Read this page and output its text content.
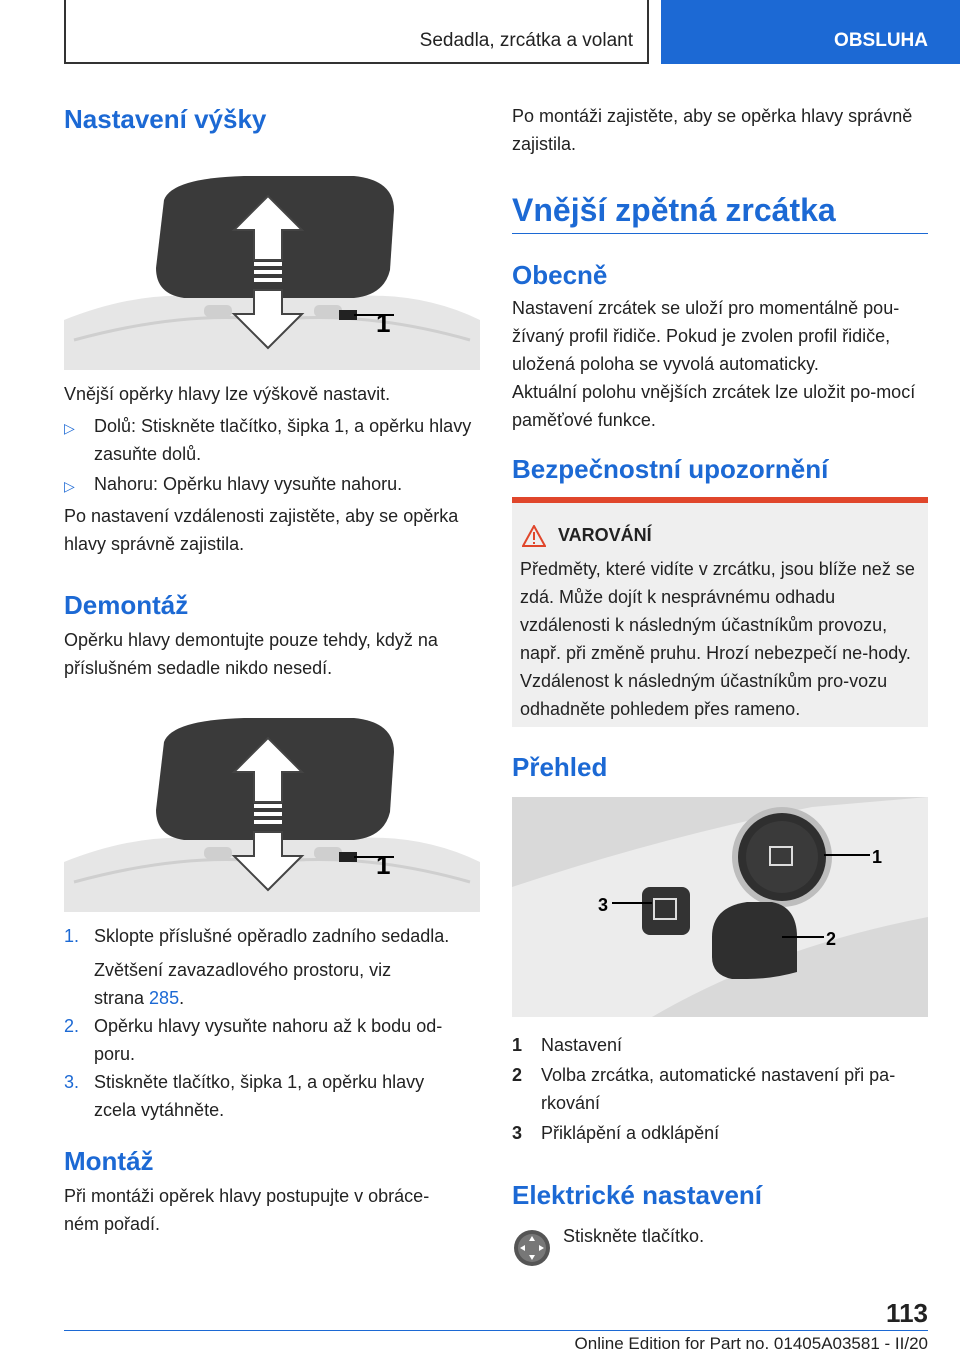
Sedadla, zrcátka a volant	OBSLUHA
Nastavení výšky
1

Vnější opěrky hlavy lze výškově nastavit.

▷ Dolů: Stiskněte tlačítko, šipka 1, a opěrku hlavy zasuňte dolů.

▷ Nahoru: Opěrku hlavy vysuňte nahoru.

Po nastavení vzdálenosti zajistěte, aby se opěrka hlavy správně zajistila.

Demontáž

Opěrku hlavy demontujte pouze tehdy, když na příslušném sedadle nikdo nesedí.

1
1. Sklopte příslušné opěradlo zadního sedadla.

Zvětšení zavazadlového prostoru, viz
strana 285.

2. Opěrku hlavy vysuňte nahoru až k bodu od‐poru.

3. Stiskněte tlačítko, šipka 1, a opěrku hlavy zcela vytáhněte.

Montáž

Při montáži opěrek hlavy postupujte v obráce‐ném pořadí.

Po montáži zajistěte, aby se opěrka hlavy správně zajistila.

Vnější zpětná zrcátka
Obecně

Nastavení zrcátek se uloží pro momentálně pou‐žívaný profil řidiče. Pokud je zvolen profil řidiče, uložená poloha se vyvolá automaticky.

Aktuální polohu vnějších zrcátek lze uložit po‐mocí paměťové funkce.

Bezpečnostní upozornění
VAROVÁNÍ

Předměty, které vidíte v zrcátku, jsou blíže než se zdá. Může dojít k nesprávnému odhadu vzdálenosti k následným účastníkům provozu, např. při změně pruhu. Hrozí nebezpečí ne‐hody. Vzdálenost k následným účastníkům pro‐vozu odhadněte pohledem přes rameno.

Přehled
1
2
3
1 Nastavení

2 Volba zrcátka, automatické nastavení při pa‐rkování

3 Přiklápění a odklápění

Elektrické nastavení

Stiskněte tlačítko.

113
Online Edition for Part no. 01405A03581 - II/20
